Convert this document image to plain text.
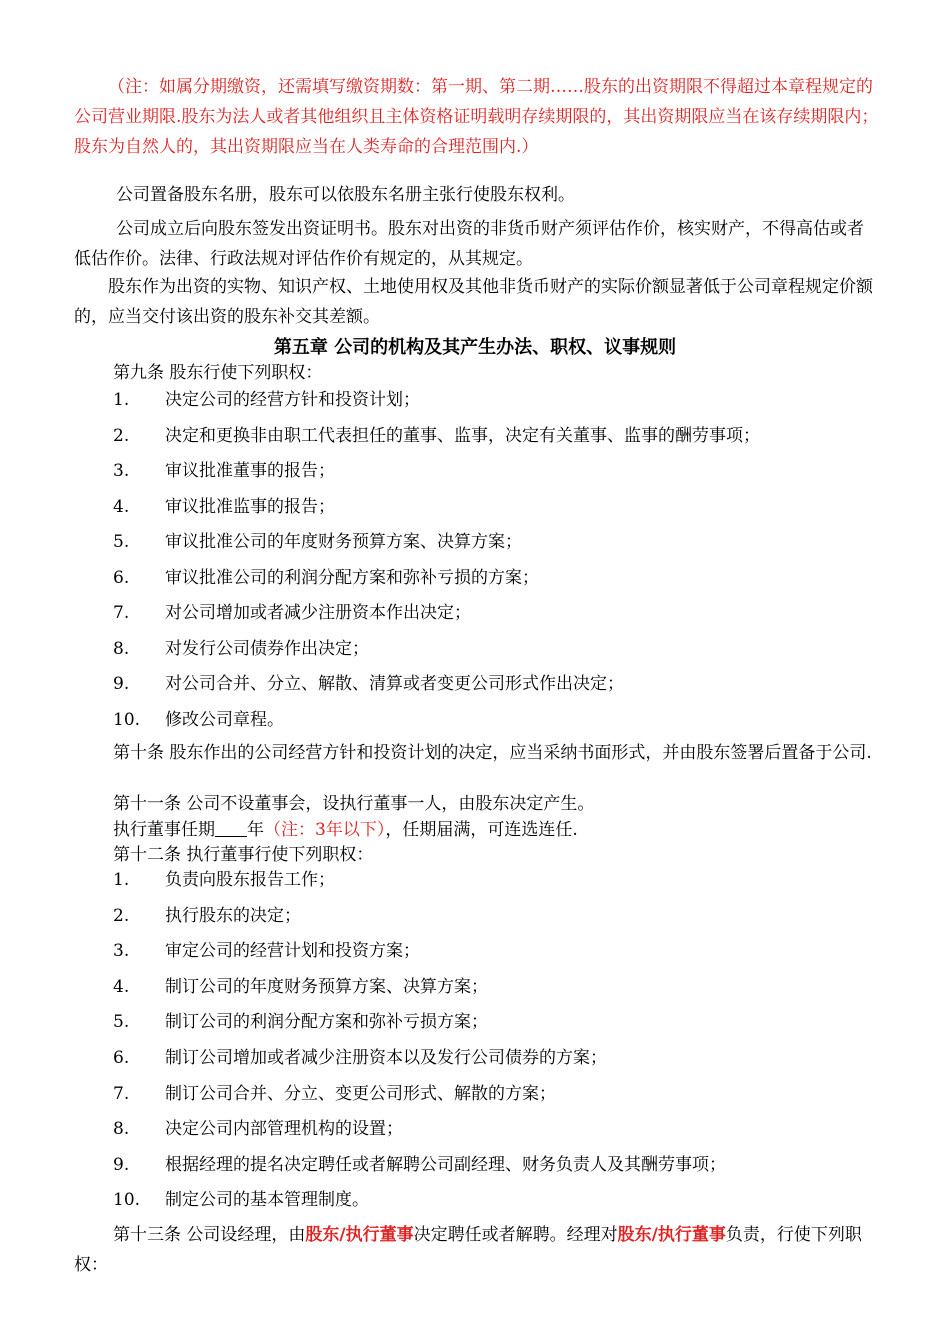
（注：如属分期缴资，还需填写缴资期数：第一期、第二期……股东的出资期限不得超过本章程规定的公司营业期限.股东为法人或者其他组织且主体资格证明载明存续期限的，其出资期限应当在该存续期限内；股东为自然人的，其出资期限应当在人类寿命的合理范围内.）
公司置备股东名册，股东可以依股东名册主张行使股东权利。
公司成立后向股东签发出资证明书。股东对出资的非货币财产须评估作价，核实财产，不得高估或者低估作价。法律、行政法规对评估作价有规定的，从其规定。
股东作为出资的实物、知识产权、土地使用权及其他非货币财产的实际价额显著低于公司章程规定价额的，应当交付该出资的股东补交其差额。
第五章 公司的机构及其产生办法、职权、议事规则
第九条 股东行使下列职权：
1. 决定公司的经营方针和投资计划；
2. 决定和更换非由职工代表担任的董事、监事，决定有关董事、监事的酬劳事项；
3. 审议批准董事的报告；
4. 审议批准监事的报告；
5. 审议批准公司的年度财务预算方案、决算方案；
6. 审议批准公司的利润分配方案和弥补亏损的方案；
7. 对公司增加或者减少注册资本作出决定；
8. 对发行公司债券作出决定；
9. 对公司合并、分立、解散、清算或者变更公司形式作出决定；
10. 修改公司章程。
第十条 股东作出的公司经营方针和投资计划的决定，应当采纳书面形式，并由股东签署后置备于公司.
第十一条 公司不设董事会，设执行董事一人，由股东决定产生。
执行董事任期 年（注：3年以下），任期届满，可连选连任.
第十二条 执行董事行使下列职权：
1. 负责向股东报告工作；
2. 执行股东的决定；
3. 审定公司的经营计划和投资方案；
4. 制订公司的年度财务预算方案、决算方案；
5. 制订公司的利润分配方案和弥补亏损方案；
6. 制订公司增加或者减少注册资本以及发行公司债券的方案；
7. 制订公司合并、分立、变更公司形式、解散的方案；
8. 决定公司内部管理机构的设置；
9. 根据经理的提名决定聘任或者解聘公司副经理、财务负责人及其酬劳事项；
10. 制定公司的基本管理制度。
第十三条 公司设经理，由股东/执行董事决定聘任或者解聘。经理对股东/执行董事负责，行使下列职权：
